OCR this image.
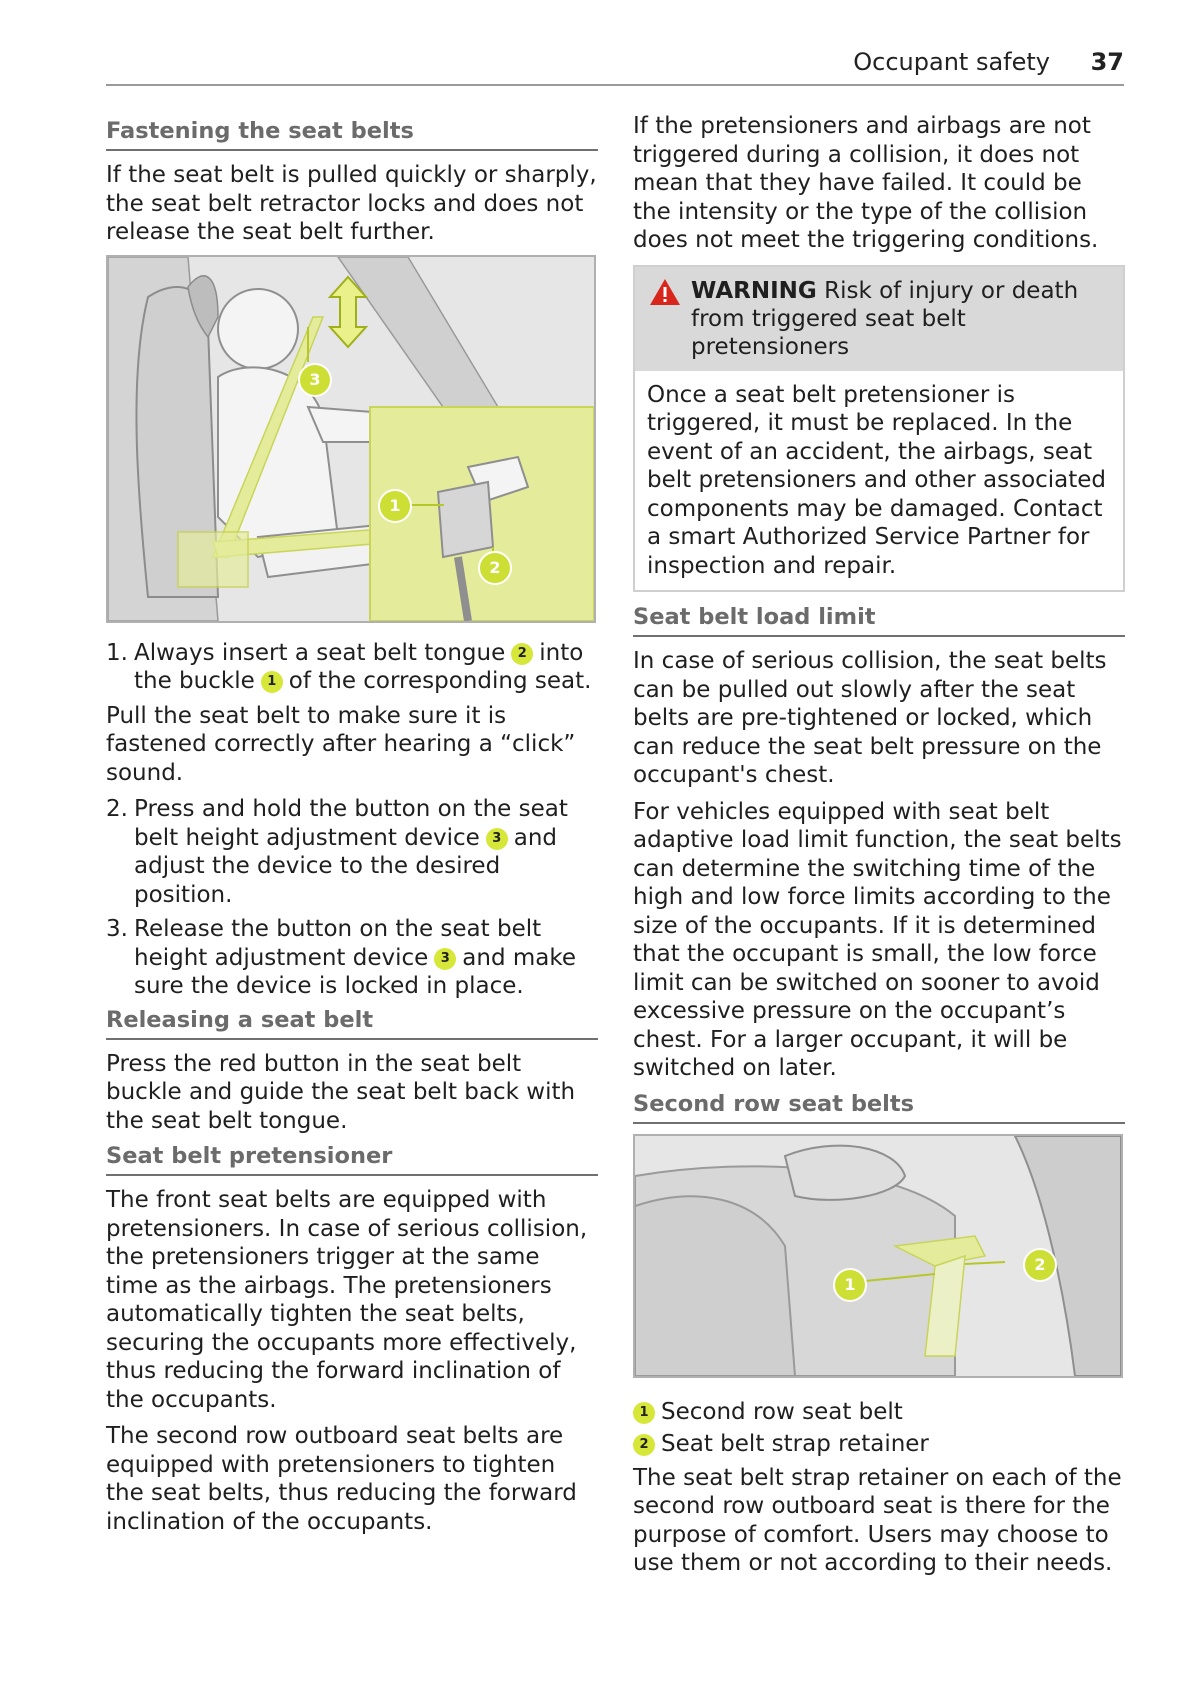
Occupant safety 37
Fastening the seat belts

If the seat belt is pulled quickly or sharply, the seat belt retractor locks and does not release the seat belt further.

3
1
2
1. Always insert a seat belt tongue 2 into the buckle 1 of the corresponding seat.

Pull the seat belt to make sure it is fastened correctly after hearing a “click” sound.

2. Press and hold the button on the seat belt height adjustment device 3 and adjust the device to the desired position.
3. Release the button on the seat belt height adjustment device 3 and make sure the device is locked in place.
Releasing a seat belt

Press the red button in the seat belt buckle and guide the seat belt back with the seat belt tongue.

Seat belt pretensioner

The front seat belts are equipped with pretensioners. In case of serious collision, the pretensioners trigger at the same time as the airbags. The pretensioners automatically tighten the seat belts, securing the occupants more effectively, thus reducing the forward inclination of the occupants.

The second row outboard seat belts are equipped with pretensioners to tighten the seat belts, thus reducing the forward inclination of the occupants.

If the pretensioners and airbags are not triggered during a collision, it does not mean that they have failed. It could be the intensity or the type of the collision does not meet the triggering conditions.

WARNING Risk of injury or death from triggered seat belt pretensioners
Once a seat belt pretensioner is triggered, it must be replaced. In the event of an accident, the airbags, seat belt pretensioners and other associated components may be damaged. Contact a smart Authorized Service Partner for inspection and repair.
Seat belt load limit

In case of serious collision, the seat belts can be pulled out slowly after the seat belts are pre-tightened or locked, which can reduce the seat belt pressure on the occupant's chest.

For vehicles equipped with seat belt adaptive load limit function, the seat belts can determine the switching time of the high and low force limits according to the size of the occupants. If it is determined that the occupant is small, the low force limit can be switched on sooner to avoid excessive pressure on the occupant’s chest. For a larger occupant, it will be switched on later.

Second row seat belts
1
2
1 Second row seat belt
2 Seat belt strap retainer

The seat belt strap retainer on each of the second row outboard seat is there for the purpose of comfort. Users may choose to use them or not according to their needs.
